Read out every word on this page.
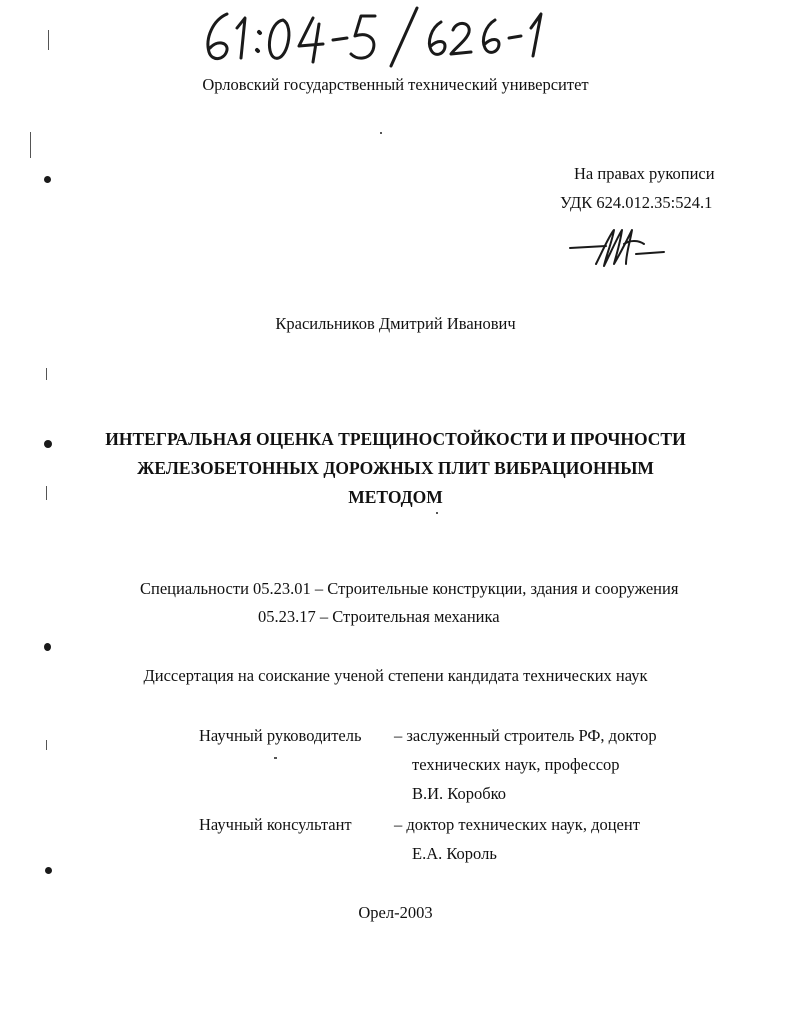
Орловский государственный технический университет
На правах рукописи
УДК 624.012.35:524.1
Красильников Дмитрий Иванович
ИНТЕГРАЛЬНАЯ ОЦЕНКА ТРЕЩИНОСТОЙКОСТИ И ПРОЧНОСТИ
ЖЕЛЕЗОБЕТОННЫХ ДОРОЖНЫХ ПЛИТ ВИБРАЦИОННЫМ
МЕТОДОМ
Специальности 05.23.01 – Строительные конструкции, здания и сооружения
05.23.17 – Строительная механика
Диссертация на соискание ученой степени кандидата технических наук
Научный руководитель – заслуженный строитель РФ, доктор
технических наук, профессор
В.И. Коробко
Научный консультант	– доктор технических наук, доцент
Е.А. Король
Орел-2003
